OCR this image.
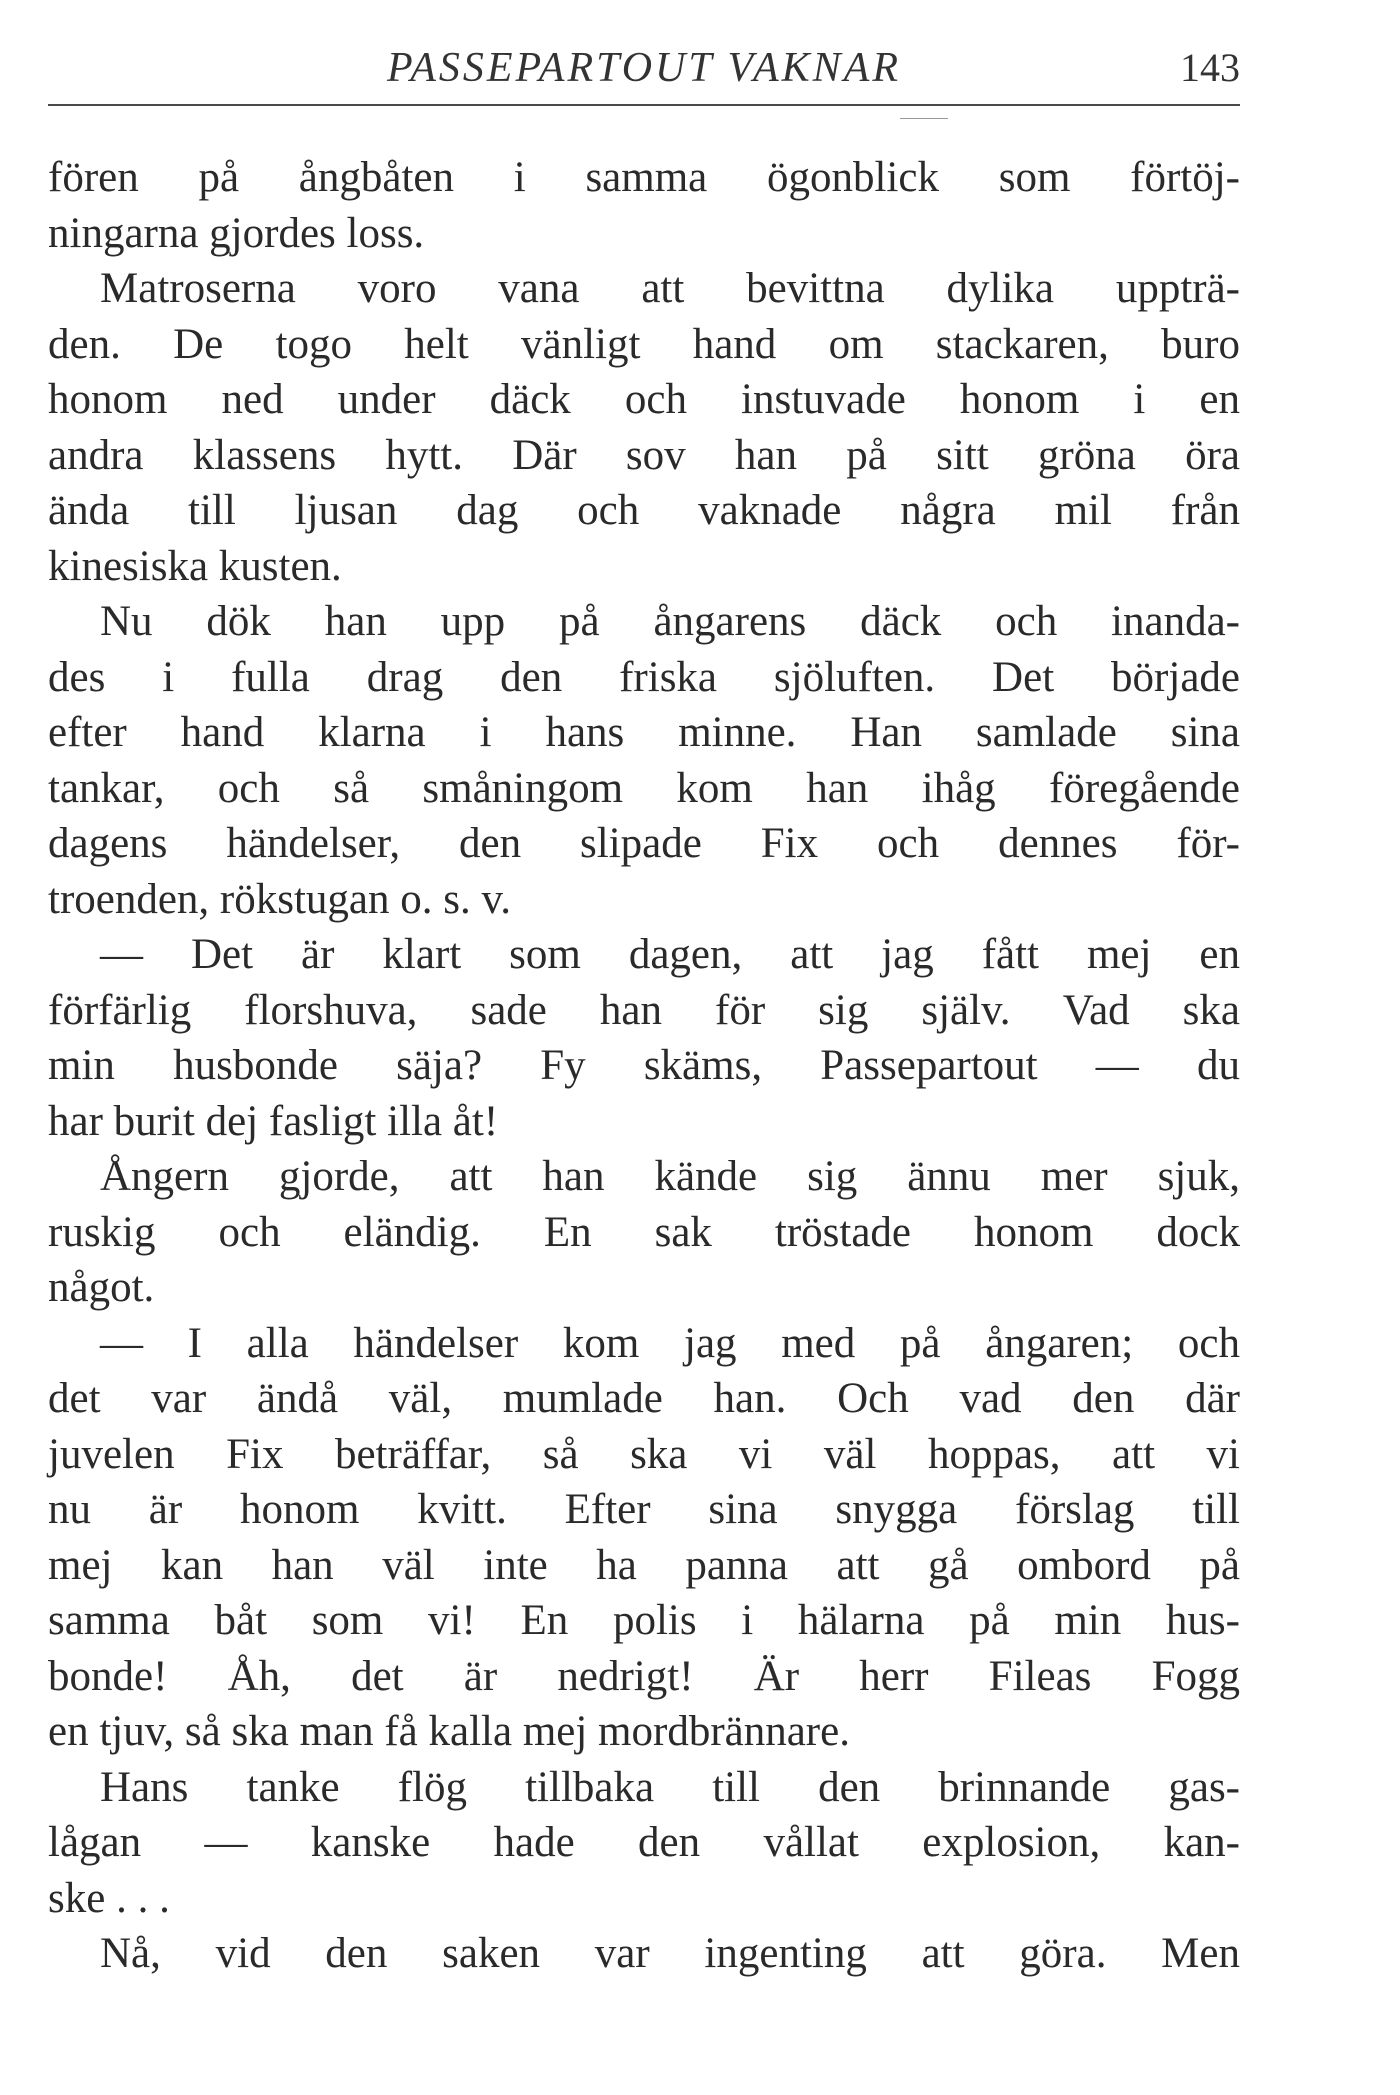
PASSEPARTOUT VAKNAR	143
fören på ångbåten i samma ögonblick som förtöj-
ningarna gjordes loss.
Matroserna voro vana att bevittna dylika uppträ-
den. De togo helt vänligt hand om stackaren, buro
honom ned under däck och instuvade honom i en
andra klassens hytt. Där sov han på sitt gröna öra
ända till ljusan dag och vaknade några mil från
kinesiska kusten.
Nu dök han upp på ångarens däck och inanda-
des i fulla drag den friska sjöluften. Det började
efter hand klarna i hans minne. Han samlade sina
tankar, och så småningom kom han ihåg föregående
dagens händelser, den slipade Fix och dennes för-
troenden, rökstugan o. s. v.
— Det är klart som dagen, att jag fått mej en
förfärlig florshuva, sade han för sig själv. Vad ska
min husbonde säja? Fy skäms, Passepartout — du
har burit dej fasligt illa åt!
Ångern gjorde, att han kände sig ännu mer sjuk,
ruskig och eländig. En sak tröstade honom dock
något.
— I alla händelser kom jag med på ångaren; och
det var ändå väl, mumlade han. Och vad den där
juvelen Fix beträffar, så ska vi väl hoppas, att vi
nu är honom kvitt. Efter sina snygga förslag till
mej kan han väl inte ha panna att gå ombord på
samma båt som vi! En polis i hälarna på min hus-
bonde! Åh, det är nedrigt! Är herr Fileas Fogg
en tjuv, så ska man få kalla mej mordbrännare.
Hans tanke flög tillbaka till den brinnande gas-
lågan — kanske hade den vållat explosion, kan-
ske . . .
Nå, vid den saken var ingenting att göra. Men
